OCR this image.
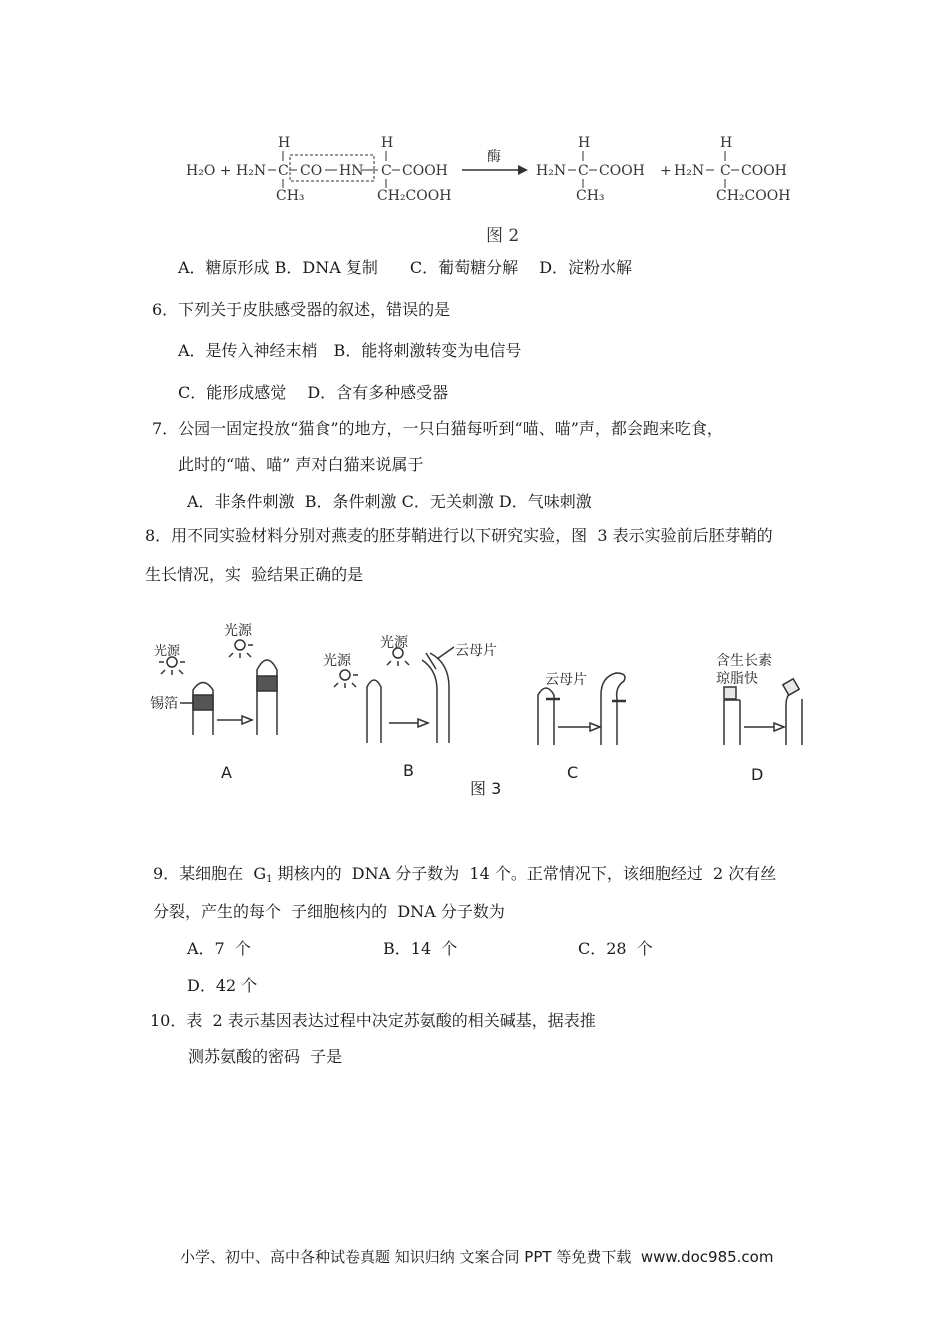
H₂O + H₂N
H
C
CH₃
CO HN
H
C COOH
CH₂COOH
酶
H₂N
H
C COOH
CH₃
+ H₂N
H
C COOH
CH₂COOH
图 2
A．糖原形成 B．DNA 复制　　C．葡萄糖分解　 D．淀粉水解
6．下列关于皮肤感受器的叙述，错误的是
A．是传入神经末梢　B．能将刺激转变为电信号
C．能形成感觉　 D．含有多种感受器
7．公园一固定投放“猫食”的地方，一只白猫每听到“喵、喵”声，都会跑来吃食，
此时的“喵、喵” 声对白猫来说属于
A．非条件刺激  B．条件刺激 C．无关刺激 D．气味刺激
8．用不同实验材料分别对燕麦的胚芽鞘进行以下研究实验，图  3 表示实验前后胚芽鞘的
生长情况，实  验结果正确的是
光源
光源
锡箔
光源
光源	云母片
云母片
含生长素
琼脂快
A	B	C	D
图 3
9．某细胞在  $G_1$ 期核内的  DNA 分子数为  14 个。正常情况下，该细胞经过  2 次有丝
分裂，产生的每个  子细胞核内的  DNA 分子数为
A．7  个	B．14  个	C．28  个
D．42 个
10．表  2 表示基因表达过程中决定苏氨酸的相关碱基，据表推
测苏氨酸的密码  子是
小学、初中、高中各种试卷真题 知识归纳 文案合同 PPT 等免费下载 www.doc985.com
